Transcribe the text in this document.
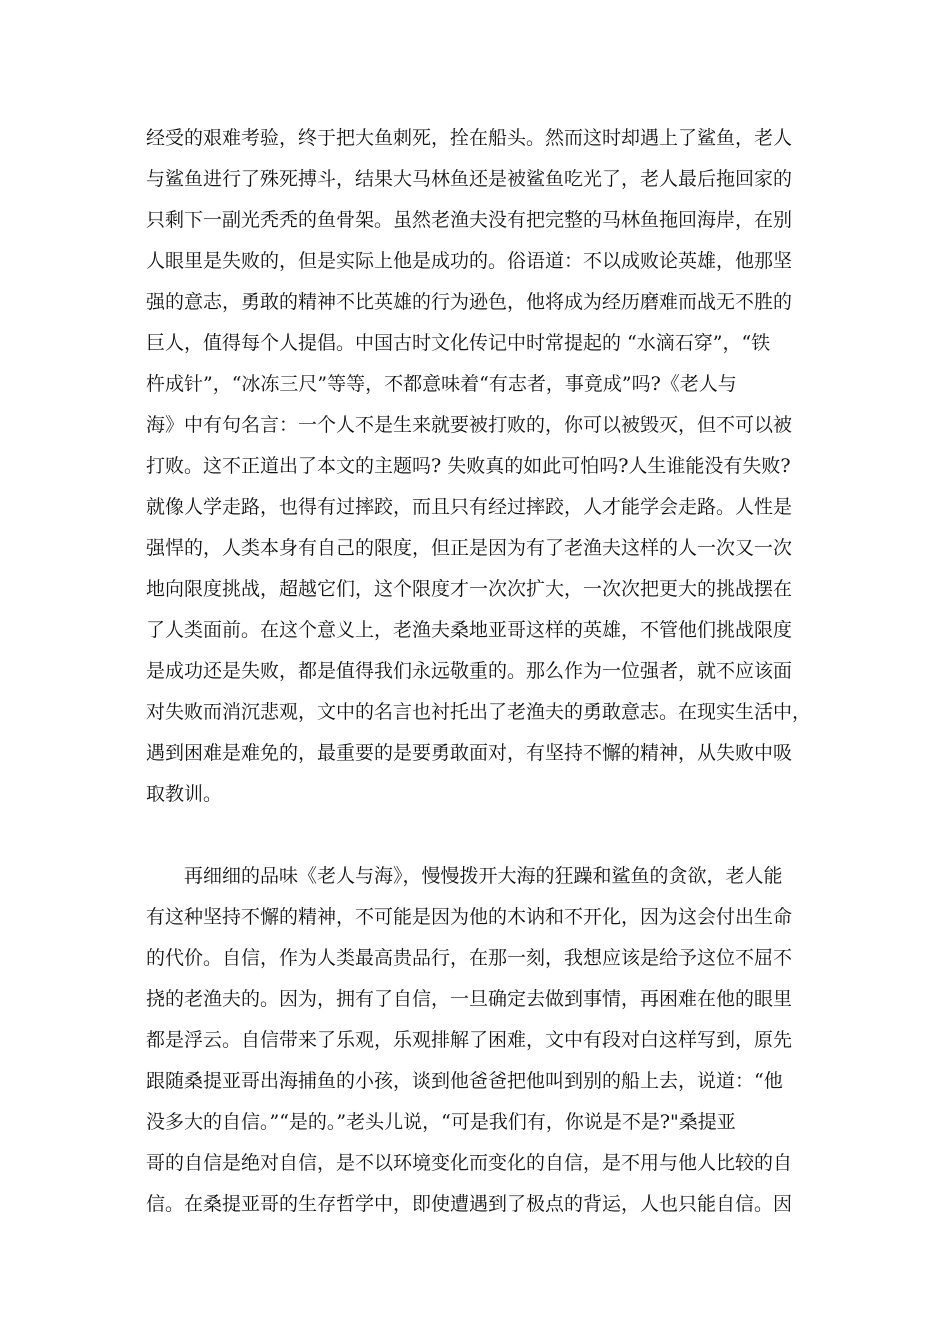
经受的艰难考验，终于把大鱼刺死，拴在船头。然而这时却遇上了鲨鱼，老人
与鲨鱼进行了殊死搏斗，结果大马林鱼还是被鲨鱼吃光了，老人最后拖回家的
只剩下一副光秃秃的鱼骨架。虽然老渔夫没有把完整的马林鱼拖回海岸，在别
人眼里是失败的，但是实际上他是成功的。俗语道：不以成败论英雄，他那坚
强的意志，勇敢的精神不比英雄的行为逊色，他将成为经历磨难而战无不胜的
巨人，值得每个人提倡。中国古时文化传记中时常提起的 “水滴石穿”，“铁
杵成针”，“冰冻三尺”等等，不都意味着“有志者，事竟成”吗?《老人与
海》中有句名言：一个人不是生来就要被打败的，你可以被毁灭，但不可以被
打败。这不正道出了本文的主题吗? 失败真的如此可怕吗?人生谁能没有失败?
就像人学走路，也得有过摔跤，而且只有经过摔跤，人才能学会走路。人性是
强悍的，人类本身有自己的限度，但正是因为有了老渔夫这样的人一次又一次
地向限度挑战，超越它们，这个限度才一次次扩大，一次次把更大的挑战摆在
了人类面前。在这个意义上，老渔夫桑地亚哥这样的英雄，不管他们挑战限度
是成功还是失败，都是值得我们永远敬重的。那么作为一位强者，就不应该面
对失败而消沉悲观，文中的名言也衬托出了老渔夫的勇敢意志。在现实生活中，
遇到困难是难免的，最重要的是要勇敢面对，有坚持不懈的精神，从失败中吸
取教训。
　　再细细的品味《老人与海》，慢慢拨开大海的狂躁和鲨鱼的贪欲，老人能
有这种坚持不懈的精神，不可能是因为他的木讷和不开化，因为这会付出生命
的代价。自信，作为人类最高贵品行，在那一刻，我想应该是给予这位不屈不
挠的老渔夫的。因为，拥有了自信，一旦确定去做到事情，再困难在他的眼里
都是浮云。自信带来了乐观，乐观排解了困难，文中有段对白这样写到，原先
跟随桑提亚哥出海捕鱼的小孩，谈到他爸爸把他叫到别的船上去，说道：“他
没多大的自信。”“是的。”老头儿说，“可是我们有，你说是不是?"桑提亚
哥的自信是绝对自信，是不以环境变化而变化的自信，是不用与他人比较的自
信。在桑提亚哥的生存哲学中，即使遭遇到了极点的背运，人也只能自信。因
